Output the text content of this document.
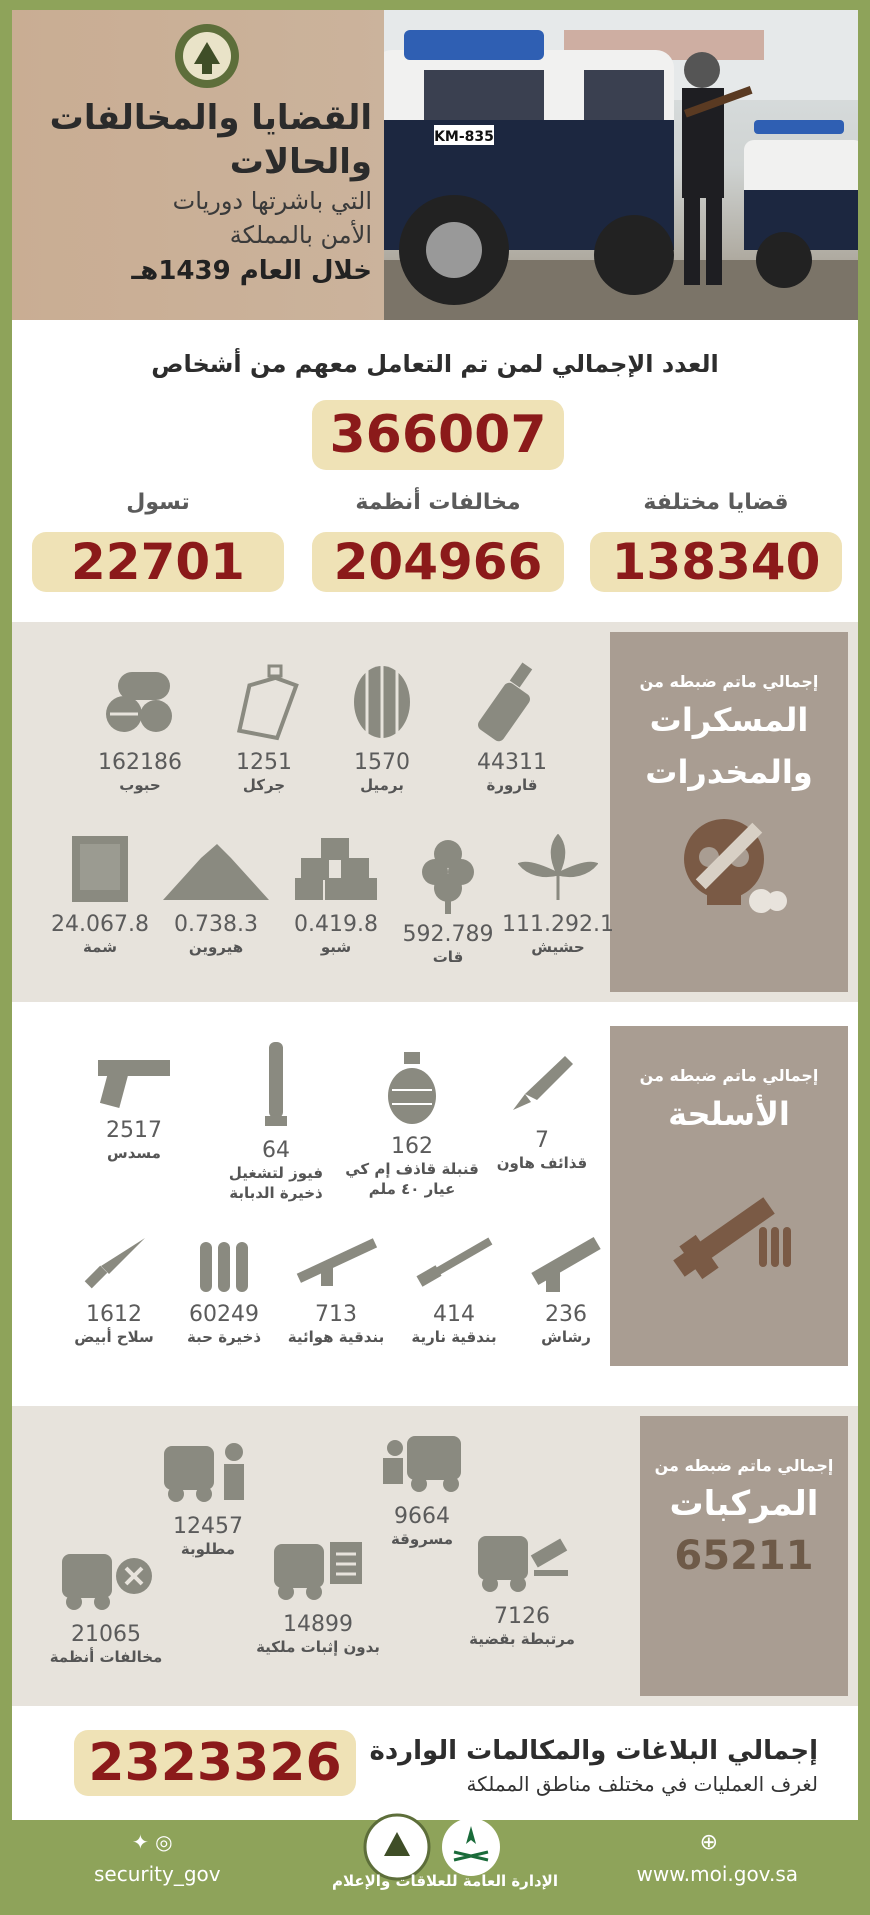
KM-835
القضايا والمخالفات
والحالات
التي باشرتها دوريات
الأمن بالمملكة
خلال العام 1439هـ
العدد الإجمالي لمن تم التعامل معهم من أشخاص
366007
قضايا مختلفة
138340
مخالفات أنظمة
204966
تسول
22701
إجمالي ماتم ضبطه من
المسكرات
والمخدرات
44311
قارورة
1570
برميل
1251
جركل
162186
حبوب
111.292.1
حشيش
592.789
قات
0.419.8
شبو
0.738.3
هيروين
24.067.8
شمة
إجمالي ماتم ضبطه من
الأسلحة
7
قذائف هاون
162
قنبلة قاذف إم كي
عيار ٤٠ ملم
64
فيوز لتشغيل
ذخيرة الدبابة
2517
مسدس
236
رشاش
414
بندقية نارية
713
بندقية هوائية
60249
ذخيرة حبة
1612
سلاح أبيض
إجمالي ماتم ضبطه من
المركبات
65211
9664
مسروقة
12457
مطلوبة
7126
مرتبطة بقضية
14899
بدون إثبات ملكية
21065
مخالفات أنظمة
2323326	إجمالي البلاغات والمكالمات الواردة
لغرف العمليات في مختلف مناطق المملكة
✦ ◎
security_gov	الإدارة العامة للعلاقات والإعلام
⊕
www.moi.gov.sa
